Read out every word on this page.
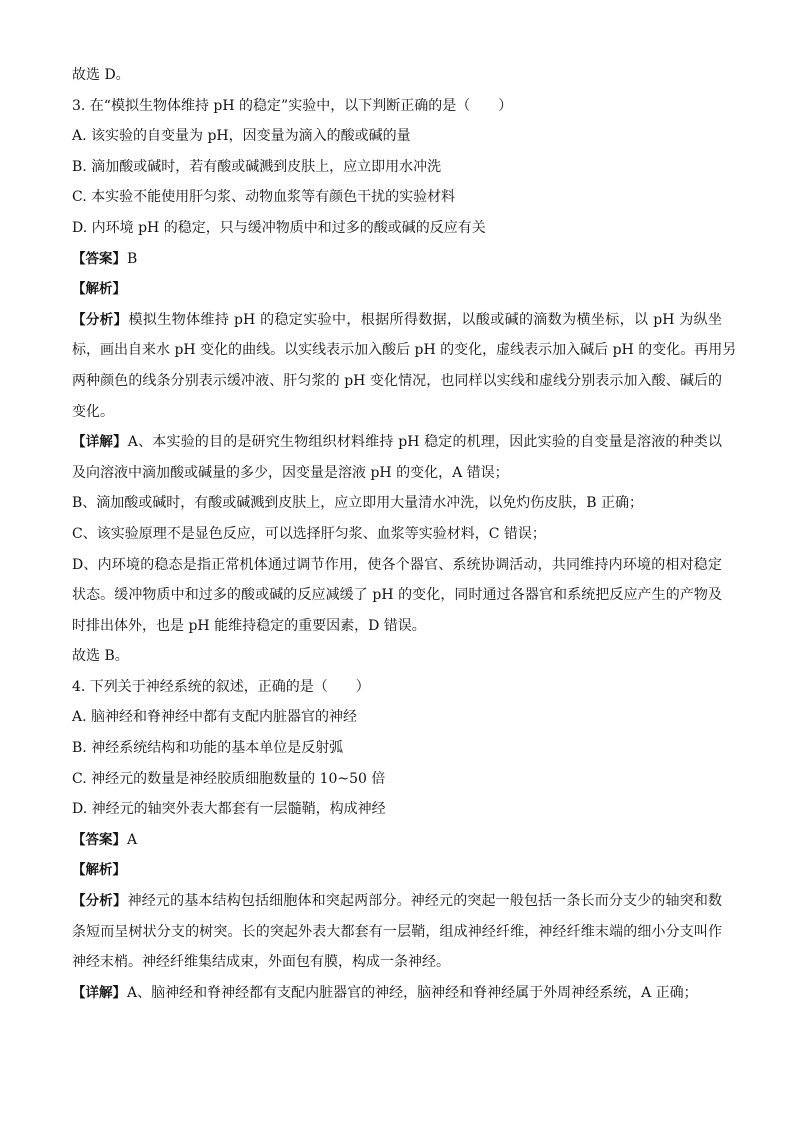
故选 D。
3. 在“模拟生物体维持 pH 的稳定”实验中，以下判断正确的是（　　）
A. 该实验的自变量为 pH，因变量为滴入的酸或碱的量
B. 滴加酸或碱时，若有酸或碱溅到皮肤上，应立即用水冲洗
C. 本实验不能使用肝匀浆、动物血浆等有颜色干扰的实验材料
D. 内环境 pH 的稳定，只与缓冲物质中和过多的酸或碱的反应有关
【答案】B
【解析】
【分析】模拟生物体维持 pH 的稳定实验中，根据所得数据，以酸或碱的滴数为横坐标，以 pH 为纵坐
标，画出自来水 pH 变化的曲线。以实线表示加入酸后 pH 的变化，虚线表示加入碱后 pH 的变化。再用另
两种颜色的线条分别表示缓冲液、肝匀浆的 pH 变化情况，也同样以实线和虚线分别表示加入酸、碱后的
变化。
【详解】A、本实验的目的是研究生物组织材料维持 pH 稳定的机理，因此实验的自变量是溶液的种类以
及向溶液中滴加酸或碱量的多少，因变量是溶液 pH 的变化，A 错误；
B、滴加酸或碱时，有酸或碱溅到皮肤上，应立即用大量清水冲洗，以免灼伤皮肤，B 正确；
C、该实验原理不是显色反应，可以选择肝匀浆、血浆等实验材料，C 错误；
D、内环境的稳态是指正常机体通过调节作用，使各个器官、系统协调活动，共同维持内环境的相对稳定
状态。缓冲物质中和过多的酸或碱的反应减缓了 pH 的变化，同时通过各器官和系统把反应产生的产物及
时排出体外，也是 pH 能维持稳定的重要因素，D 错误。
故选 B。
4. 下列关于神经系统的叙述，正确的是（　　）
A. 脑神经和脊神经中都有支配内脏器官的神经
B. 神经系统结构和功能的基本单位是反射弧
C. 神经元的数量是神经胶质细胞数量的 10~50 倍
D. 神经元的轴突外表大都套有一层髓鞘，构成神经
【答案】A
【解析】
【分析】神经元的基本结构包括细胞体和突起两部分。神经元的突起一般包括一条长而分支少的轴突和数
条短而呈树状分支的树突。长的突起外表大都套有一层鞘，组成神经纤维，神经纤维末端的细小分支叫作
神经末梢。神经纤维集结成束，外面包有膜，构成一条神经。
【详解】A、脑神经和脊神经都有支配内脏器官的神经，脑神经和脊神经属于外周神经系统，A 正确；
